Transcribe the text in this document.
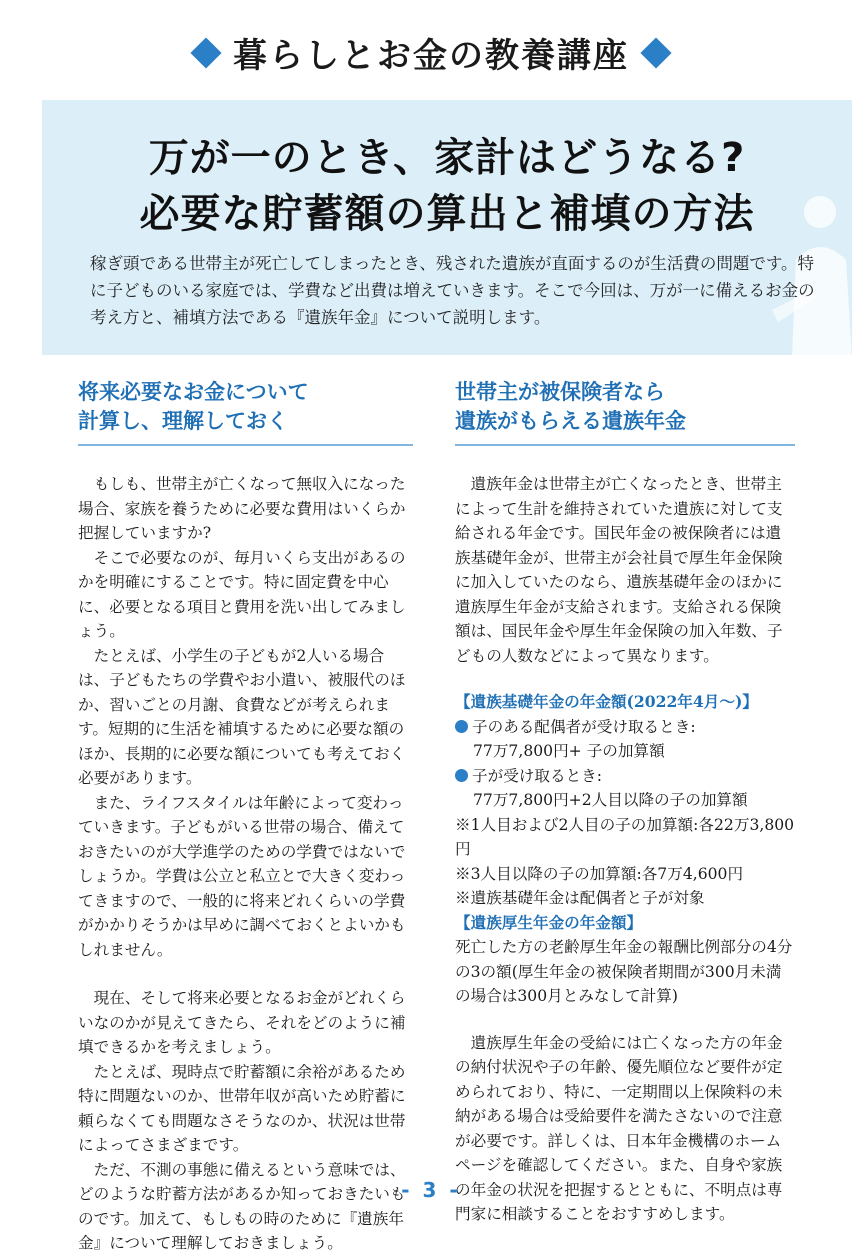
暮らしとお金の教養講座
万が一のとき、家計はどうなる?
必要な貯蓄額の算出と補填の方法

稼ぎ頭である世帯主が死亡してしまったとき、残された遺族が直面するのが生活費の問題です。特に子どものいる家庭では、学費など出費は増えていきます。そこで今回は、万が一に備えるお金の考え方と、補填方法である『遺族年金』について説明します。

将来必要なお金について
計算し、理解しておく

もしも、世帯主が亡くなって無収入になった場合、家族を養うために必要な費用はいくらか把握していますか?

そこで必要なのが、毎月いくら支出があるのかを明確にすることです。特に固定費を中心に、必要となる項目と費用を洗い出してみましょう。

たとえば、小学生の子どもが2人いる場合は、子どもたちの学費やお小遣い、被服代のほか、習いごとの月謝、食費などが考えられます。短期的に生活を補填するために必要な額のほか、長期的に必要な額についても考えておく必要があります。

また、ライフスタイルは年齢によって変わっていきます。子どもがいる世帯の場合、備えておきたいのが大学進学のための学費ではないでしょうか。学費は公立と私立とで大きく変わってきますので、一般的に将来どれくらいの学費がかかりそうかは早めに調べておくとよいかもしれません。

現在、そして将来必要となるお金がどれくらいなのかが見えてきたら、それをどのように補填できるかを考えましょう。

たとえば、現時点で貯蓄額に余裕があるため特に問題ないのか、世帯年収が高いため貯蓄に頼らなくても問題なさそうなのか、状況は世帯によってさまざまです。

ただ、不測の事態に備えるという意味では、どのような貯蓄方法があるか知っておきたいものです。加えて、もしもの時のために『遺族年金』について理解しておきましょう。

世帯主が被保険者なら
遺族がもらえる遺族年金

遺族年金は世帯主が亡くなったとき、世帯主によって生計を維持されていた遺族に対して支給される年金です。国民年金の被保険者には遺族基礎年金が、世帯主が会社員で厚生年金保険に加入していたのなら、遺族基礎年金のほかに遺族厚生年金が支給されます。支給される保険額は、国民年金や厚生年金保険の加入年数、子どもの人数などによって異なります。

【遺族基礎年金の年金額(2022年4月〜)】

子のある配偶者が受け取るとき:

77万7,800円+ 子の加算額

子が受け取るとき:

77万7,800円+2人目以降の子の加算額

※1人目および2人目の子の加算額:各22万3,800円

※3人目以降の子の加算額:各7万4,600円

※遺族基礎年金は配偶者と子が対象

【遺族厚生年金の年金額】

死亡した方の老齢厚生年金の報酬比例部分の4分の3の額(厚生年金の被保険者期間が300月未満の場合は300月とみなして計算)

遺族厚生年金の受給には亡くなった方の年金の納付状況や子の年齢、優先順位など要件が定められており、特に、一定期間以上保険料の未納がある場合は受給要件を満たさないので注意が必要です。詳しくは、日本年金機構のホームページを確認してください。また、自身や家族の年金の状況を把握するとともに、不明点は専門家に相談することをおすすめします。

- 3 -
